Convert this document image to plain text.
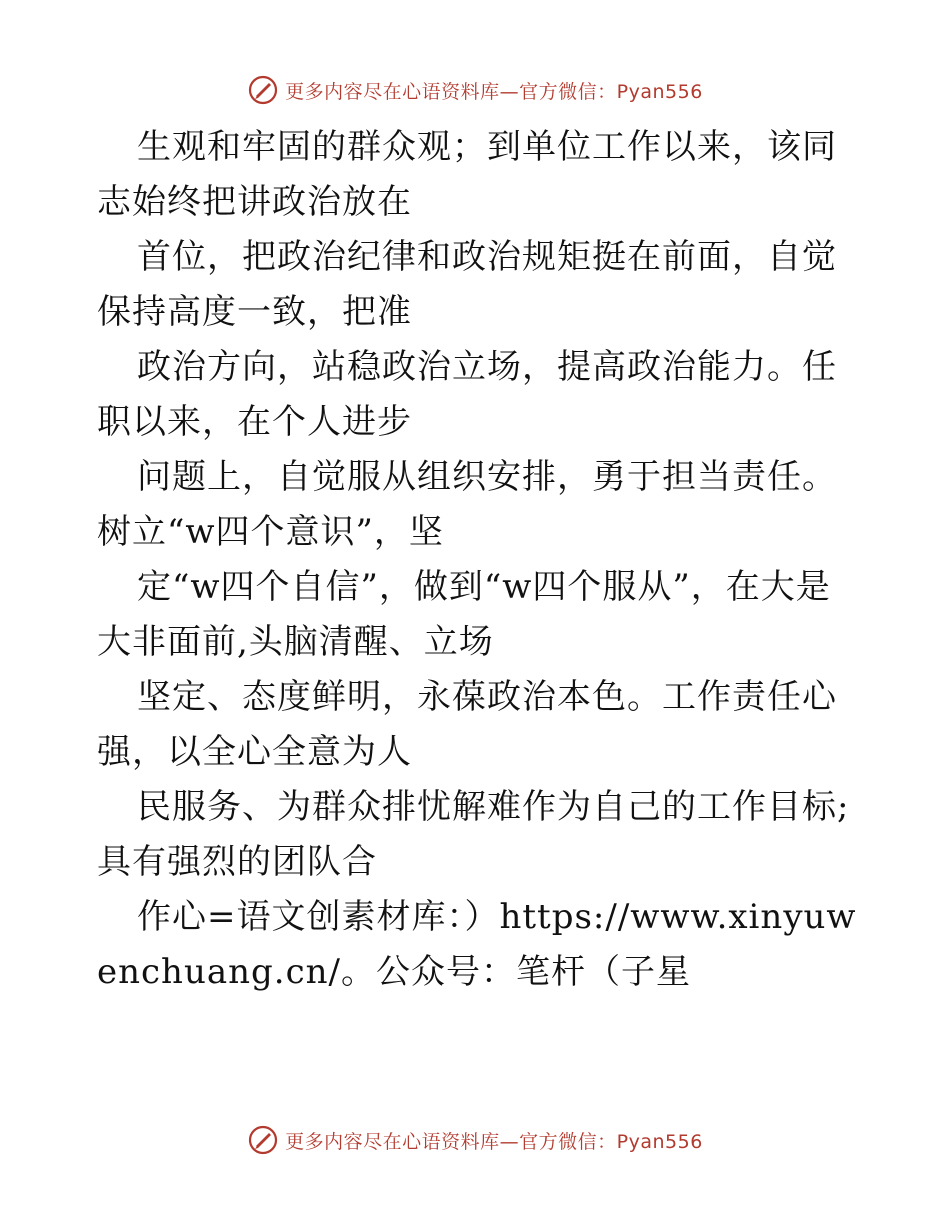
更多内容尽在心语资料库—官方微信：Pyan556

生观和牢固的群众观；到单位工作以来，该同志始终把讲政治放在

首位，把政治纪律和政治规矩挺在前面，自觉保持高度一致，把准

政治方向，站稳政治立场，提高政治能力。任职以来，在个人进步

问题上，自觉服从组织安排，勇于担当责任。树立“w四个意识”，坚

定“w四个自信”，做到“w四个服从”，在大是大非面前,头脑清醒、立场

坚定、态度鲜明，永葆政治本色。工作责任心强，以全心全意为人

民服务、为群众排忧解难作为自己的工作目标;具有强烈的团队合

作心=语文创素材库：）https://www.xinyuwenchuang.cn/。公众号：笔杆（子星

更多内容尽在心语资料库—官方微信：Pyan556
